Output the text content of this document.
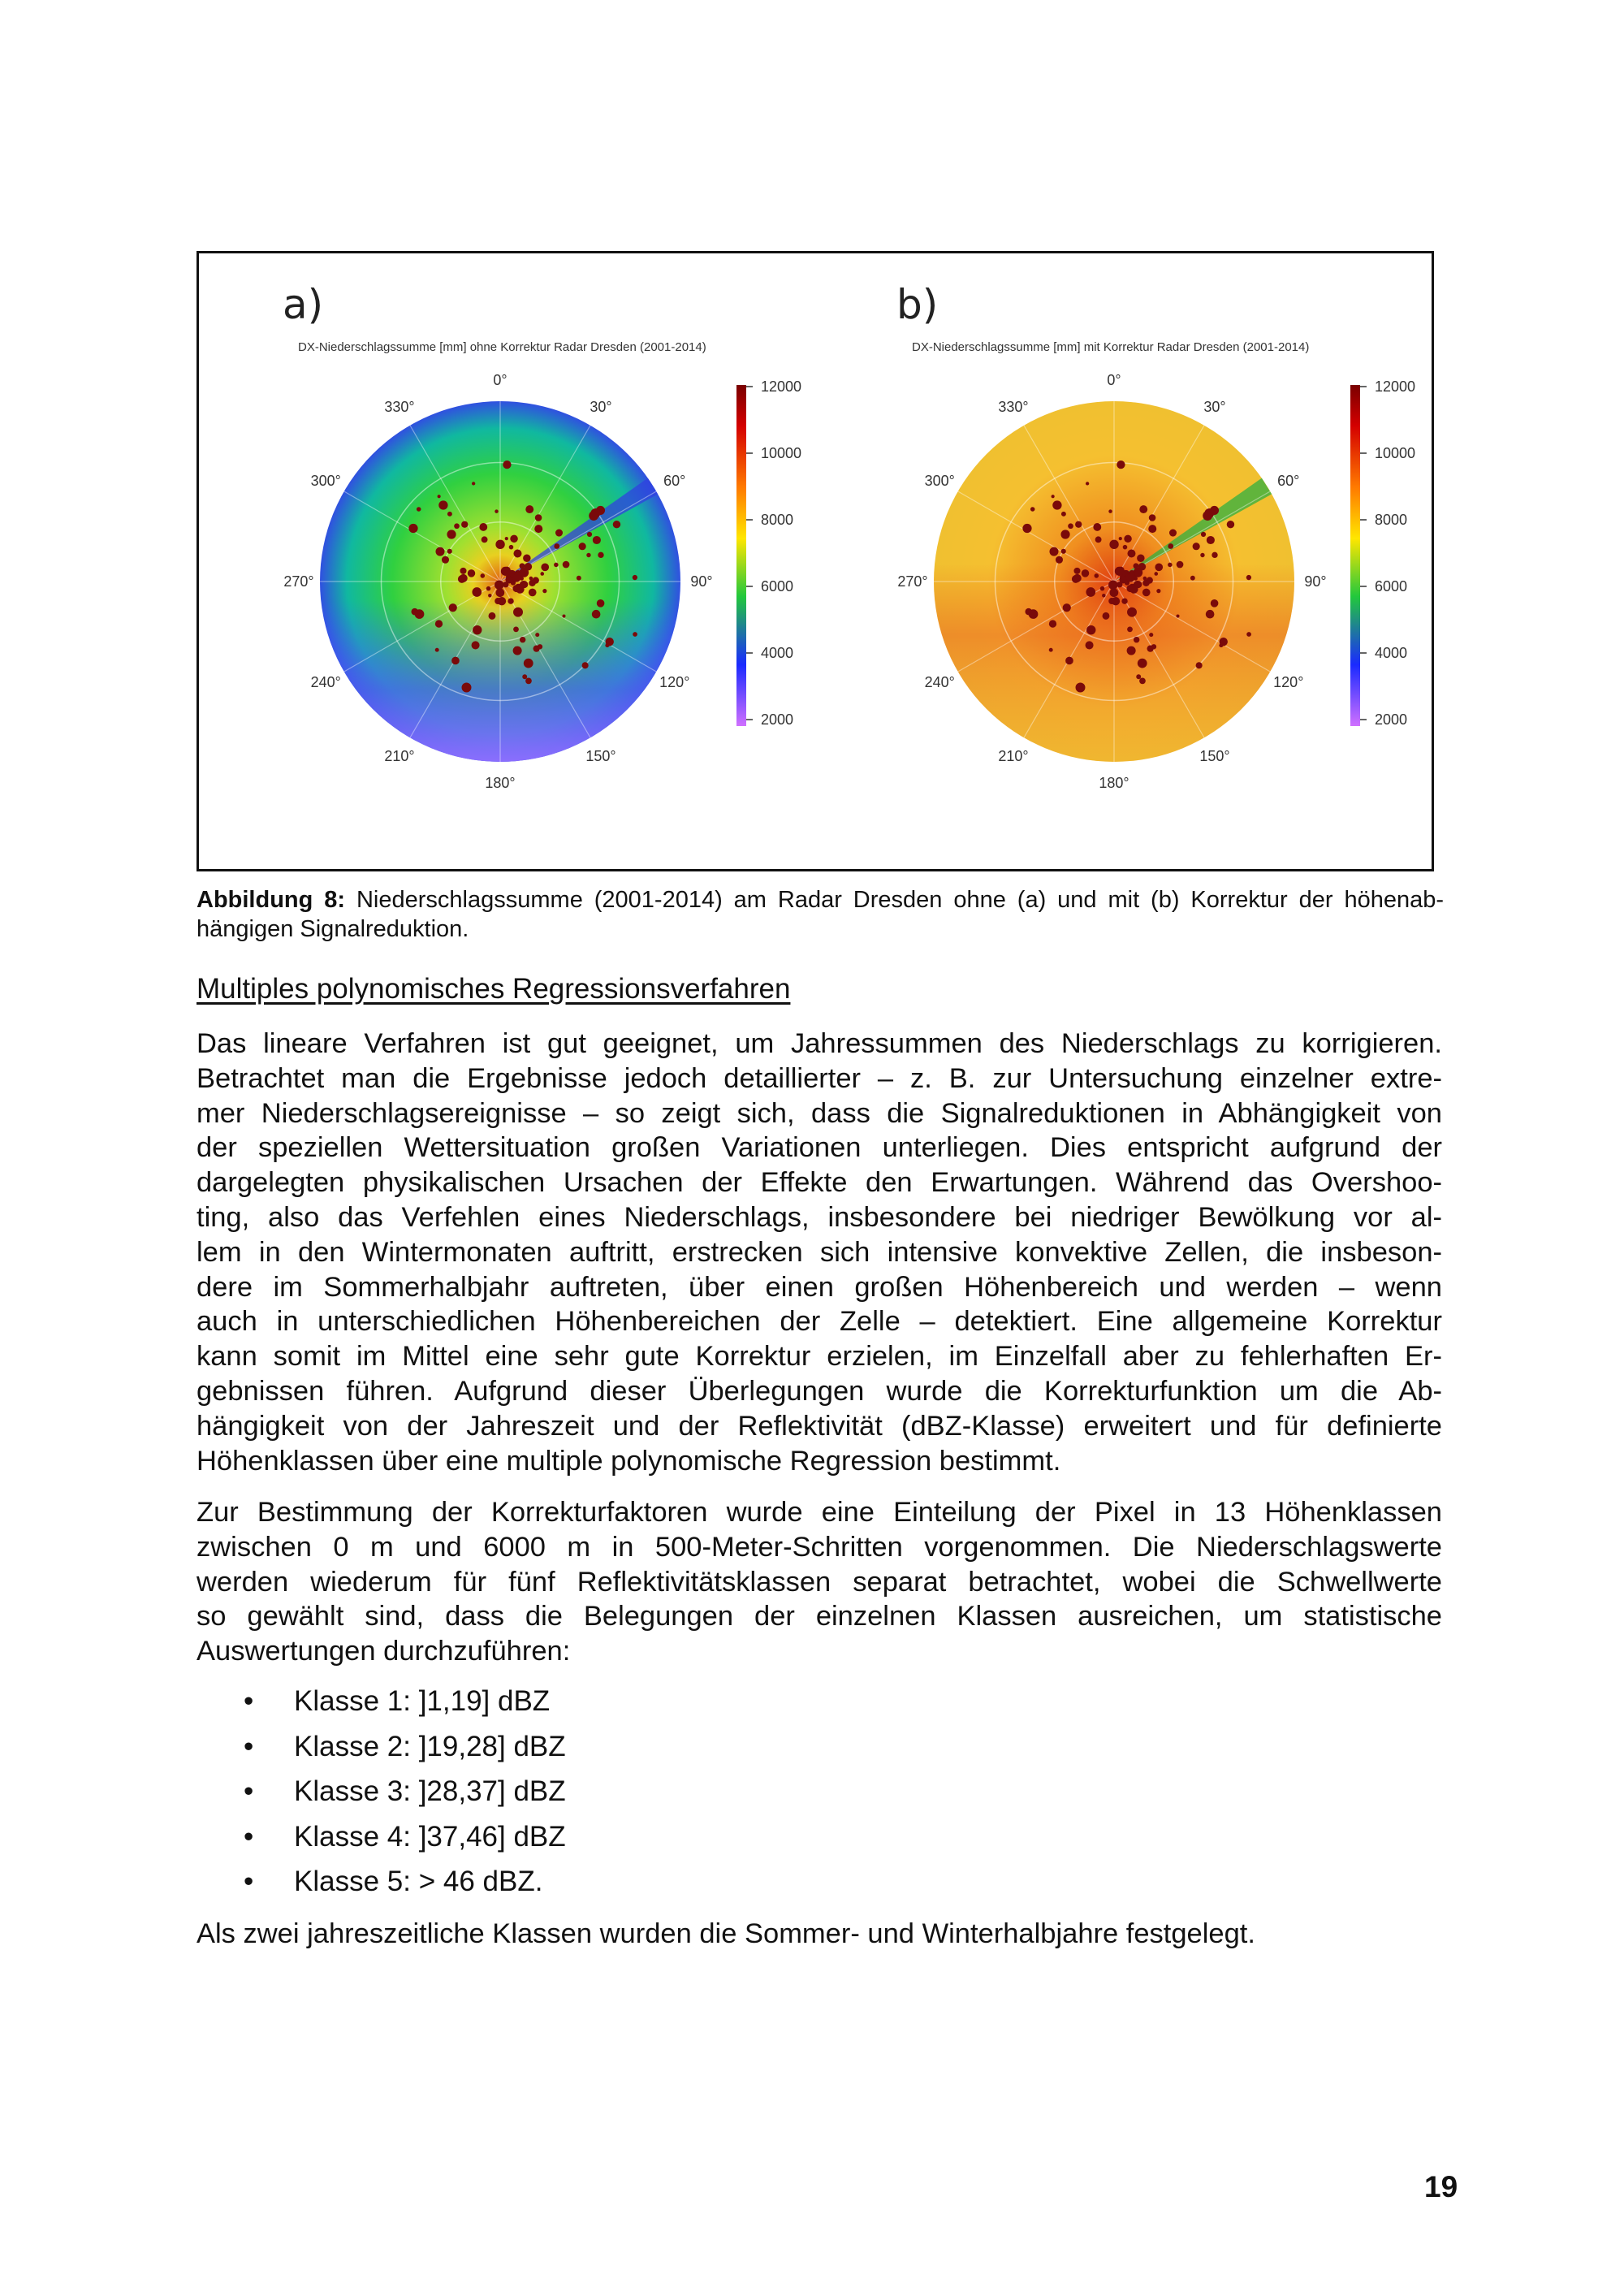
a)
DX-Niederschlagssumme [mm] ohne Korrektur Radar Dresden (2001-2014)
0°
30°
60°
90°
120°
150°
180°
210°
240°
270°
300°
330°
12000
10000
8000
6000
4000
2000
b)
DX-Niederschlagssumme [mm] mit Korrektur Radar Dresden (2001-2014)
0°
30°
60°
90°
120°
150°
180°
210°
240°
270°
300°
330°
12000
10000
8000
6000
4000
2000
Abbildung 8: Niederschlagssumme (2001-2014) am Radar Dresden ohne (a) und mit (b) Korrektur der höhenab-
hängigen Signalreduktion.
Multiples polynomisches Regressionsverfahren
Das lineare Verfahren ist gut geeignet, um Jahressummen des Niederschlags zu korrigieren.
Betrachtet man die Ergebnisse jedoch detaillierter – z. B. zur Untersuchung einzelner extre-
mer Niederschlagsereignisse – so zeigt sich, dass die Signalreduktionen in Abhängigkeit von
der speziellen Wettersituation großen Variationen unterliegen. Dies entspricht aufgrund der
dargelegten physikalischen Ursachen der Effekte den Erwartungen. Während das Overshoo-
ting, also das Verfehlen eines Niederschlags, insbesondere bei niedriger Bewölkung vor al-
lem in den Wintermonaten auftritt, erstrecken sich intensive konvektive Zellen, die insbeson-
dere im Sommerhalbjahr auftreten, über einen großen Höhenbereich und werden – wenn
auch in unterschiedlichen Höhenbereichen der Zelle – detektiert. Eine allgemeine Korrektur
kann somit im Mittel eine sehr gute Korrektur erzielen, im Einzelfall aber zu fehlerhaften Er-
gebnissen führen. Aufgrund dieser Überlegungen wurde die Korrekturfunktion um die Ab-
hängigkeit von der Jahreszeit und der Reflektivität (dBZ-Klasse) erweitert und für definierte
Höhenklassen über eine multiple polynomische Regression bestimmt.
Zur Bestimmung der Korrekturfaktoren wurde eine Einteilung der Pixel in 13 Höhenklassen
zwischen 0 m und 6000 m in 500-Meter-Schritten vorgenommen. Die Niederschlagswerte
werden wiederum für fünf Reflektivitätsklassen separat betrachtet, wobei die Schwellwerte
so gewählt sind, dass die Belegungen der einzelnen Klassen ausreichen, um statistische
Auswertungen durchzuführen:
• Klasse 1: ]1,19] dBZ
• Klasse 2: ]19,28] dBZ
• Klasse 3: ]28,37] dBZ
• Klasse 4: ]37,46] dBZ
• Klasse 5: > 46 dBZ.
Als zwei jahreszeitliche Klassen wurden die Sommer- und Winterhalbjahre festgelegt.
19
